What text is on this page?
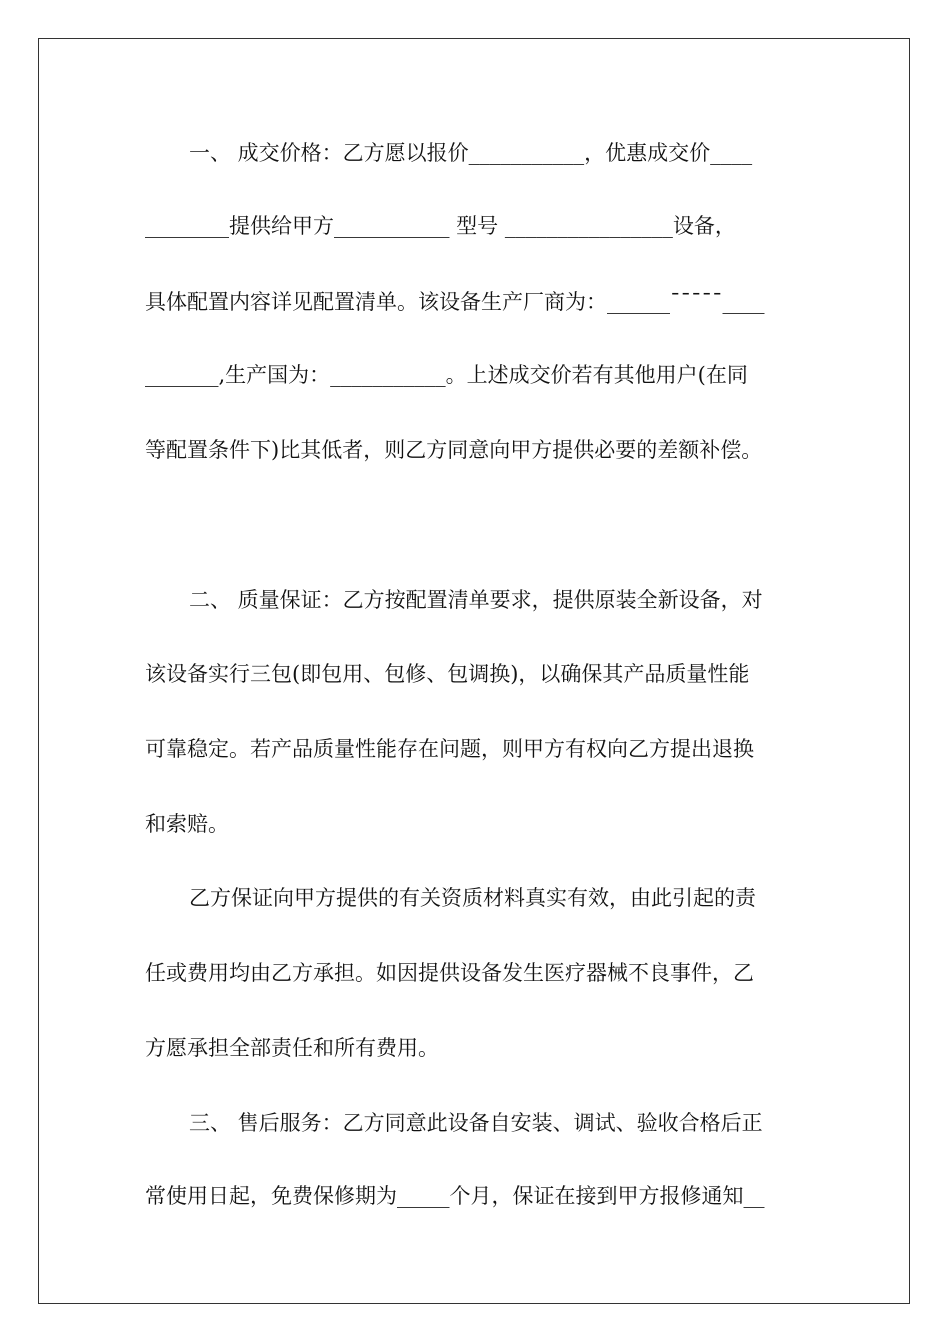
一、 成交价格：乙方愿以报价___________，优惠成交价____
________提供给甲方___________ 型号 ________________设备，
具体配置内容详见配置清单。该设备生产厂商为：______¯¯¯¯¯____
_______,生产国为：___________。上述成交价若有其他用户(在同
等配置条件下)比其低者，则乙方同意向甲方提供必要的差额补偿。
二、 质量保证：乙方按配置清单要求，提供原装全新设备，对
该设备实行三包(即包用、包修、包调换)，以确保其产品质量性能
可靠稳定。若产品质量性能存在问题，则甲方有权向乙方提出退换
和索赔。
乙方保证向甲方提供的有关资质材料真实有效，由此引起的责
任或费用均由乙方承担。如因提供设备发生医疗器械不良事件，乙
方愿承担全部责任和所有费用。
三、 售后服务：乙方同意此设备自安装、调试、验收合格后正
常使用日起，免费保修期为_____个月，保证在接到甲方报修通知__
